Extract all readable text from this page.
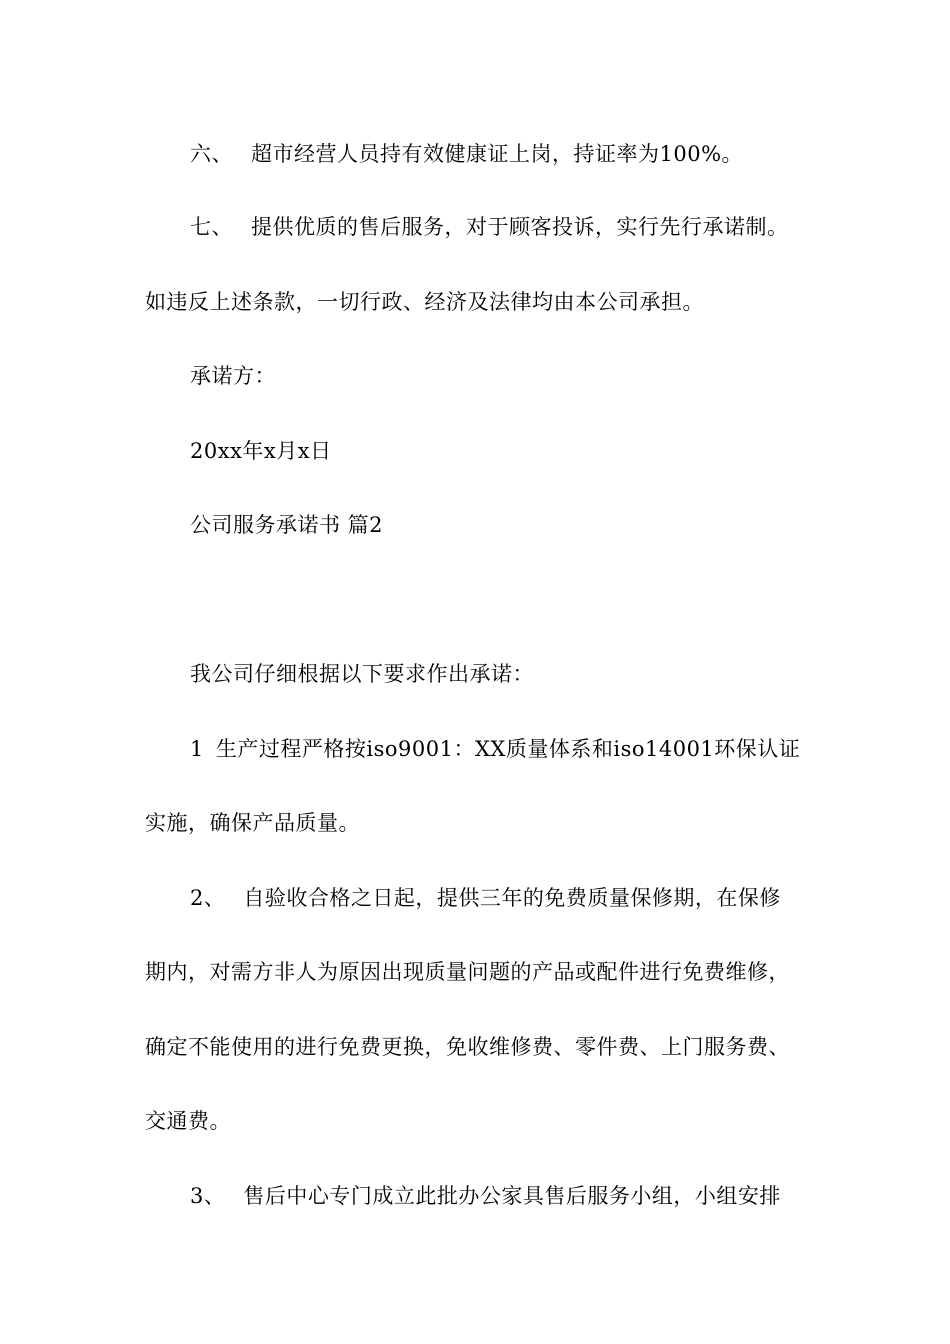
六、 超市经营人员持有效健康证上岗，持证率为100%。
七、 提供优质的售后服务，对于顾客投诉，实行先行承诺制。
如违反上述条款，一切行政、经济及法律均由本公司承担。
承诺方：
20xx年x月x日
公司服务承诺书 篇2
我公司仔细根据以下要求作出承诺：
1 生产过程严格按iso9001：XX质量体系和iso14001环保认证
实施，确保产品质量。
2、 自验收合格之日起，提供三年的免费质量保修期，在保修
期内，对需方非人为原因出现质量问题的产品或配件进行免费维修，
确定不能使用的进行免费更换，免收维修费、零件费、上门服务费、
交通费。
3、 售后中心专门成立此批办公家具售后服务小组，小组安排
